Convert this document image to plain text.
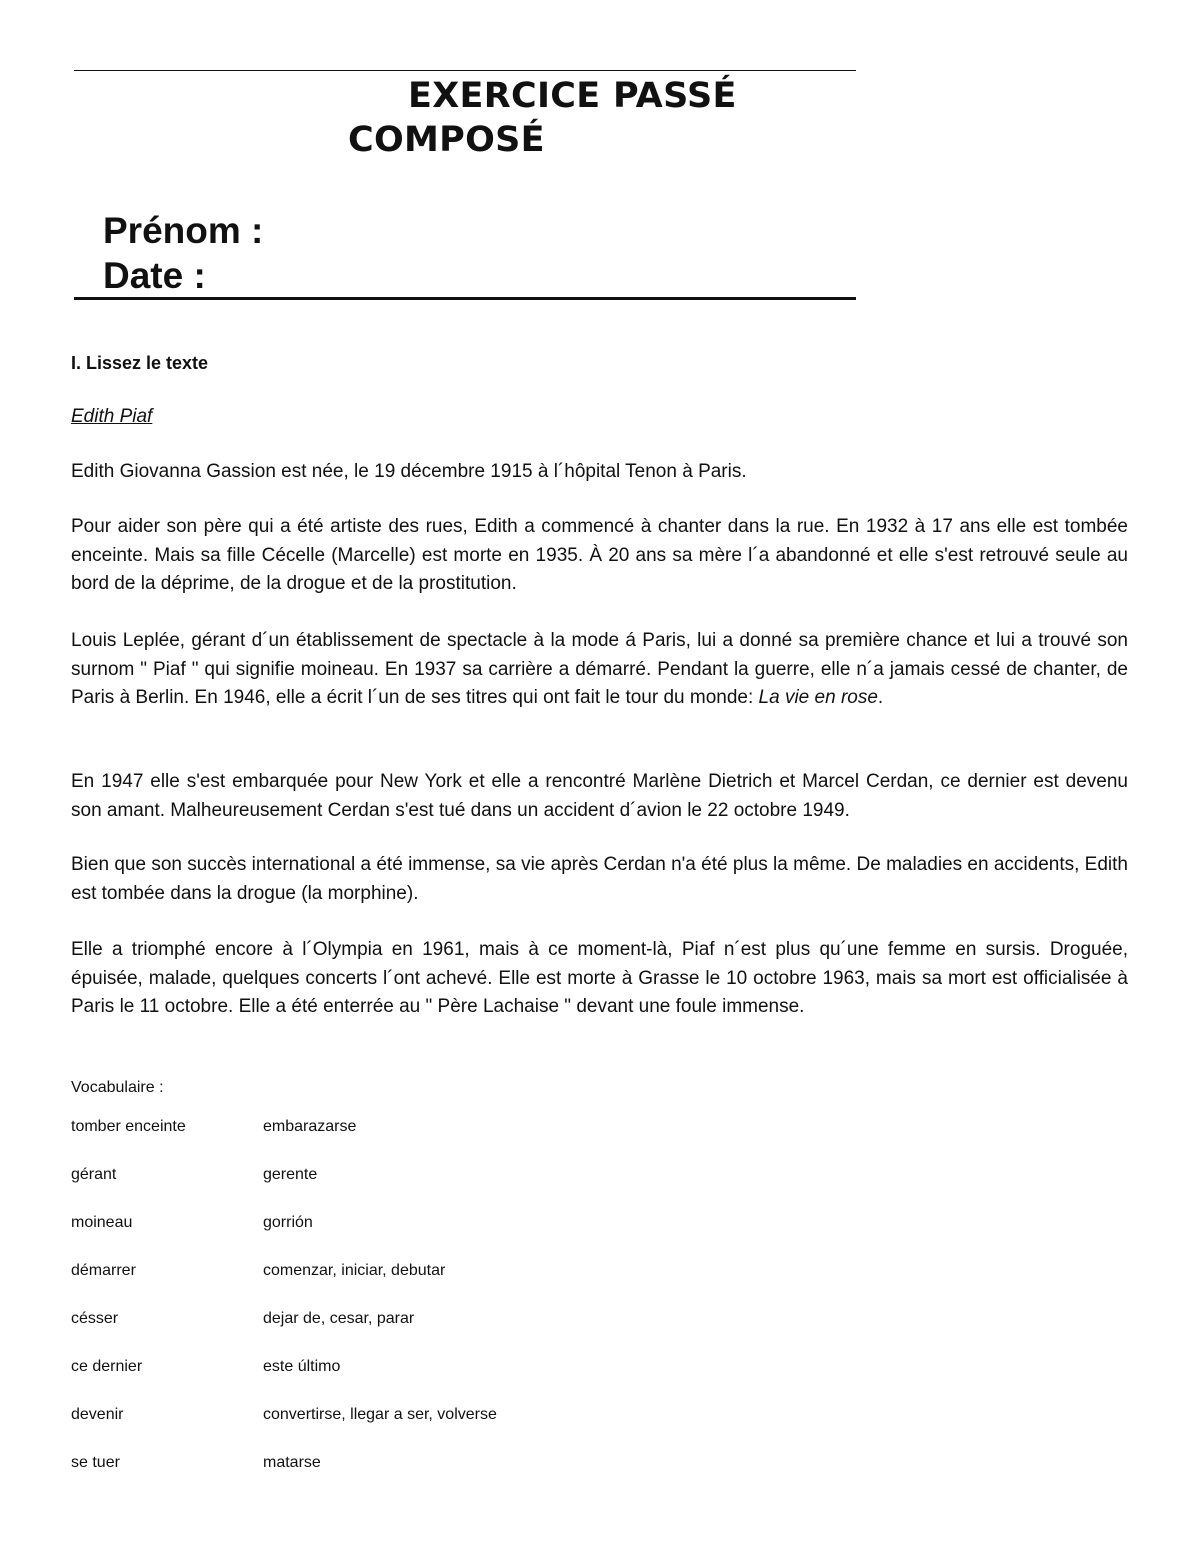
EXERCICE PASSÉ
COMPOSÉ
Prénom :
Date :
I. Lissez le texte
Edith Piaf

Edith Giovanna Gassion est née, le 19 décembre 1915 à l´hôpital Tenon à Paris.

Pour aider son père qui a été artiste des rues, Edith a commencé à chanter dans la rue. En 1932 à 17 ans elle est tombée enceinte. Mais sa fille Cécelle (Marcelle) est morte en 1935. À 20 ans sa mère l´a abandonné et elle s'est retrouvé seule au bord de la déprime, de la drogue et de la prostitution.

Louis Leplée, gérant d´un établissement de spectacle à la mode á Paris, lui a donné sa première chance et lui a trouvé son surnom " Piaf " qui signifie moineau. En 1937 sa carrière a démarré. Pendant la guerre, elle n´a jamais cessé de chanter, de Paris à Berlin. En 1946, elle a écrit l´un de ses titres qui ont fait le tour du monde: La vie en rose.

En 1947 elle s'est embarquée pour New York et elle a rencontré Marlène Dietrich et Marcel Cerdan, ce dernier est devenu son amant. Malheureusement Cerdan s'est tué dans un accident d´avion le 22 octobre 1949.

Bien que son succès international a été immense, sa vie après Cerdan n'a été plus la même. De maladies en accidents, Edith est tombée dans la drogue (la morphine).

Elle a triomphé encore à l´Olympia en 1961, mais à ce moment-là, Piaf n´est plus qu´une femme en sursis. Droguée, épuisée, malade, quelques concerts l´ont achevé. Elle est morte à Grasse le 10 octobre 1963, mais sa mort est officialisée à Paris le 11 octobre. Elle a été enterrée au " Père Lachaise " devant une foule immense.

Vocabulaire :
tomber enceinte	embarazarse
gérant	gerente
moineau	gorrión
démarrer	comenzar, iniciar, debutar
césser	dejar de, cesar, parar
ce dernier	este último
devenir	convertirse, llegar a ser, volverse
se tuer	matarse
